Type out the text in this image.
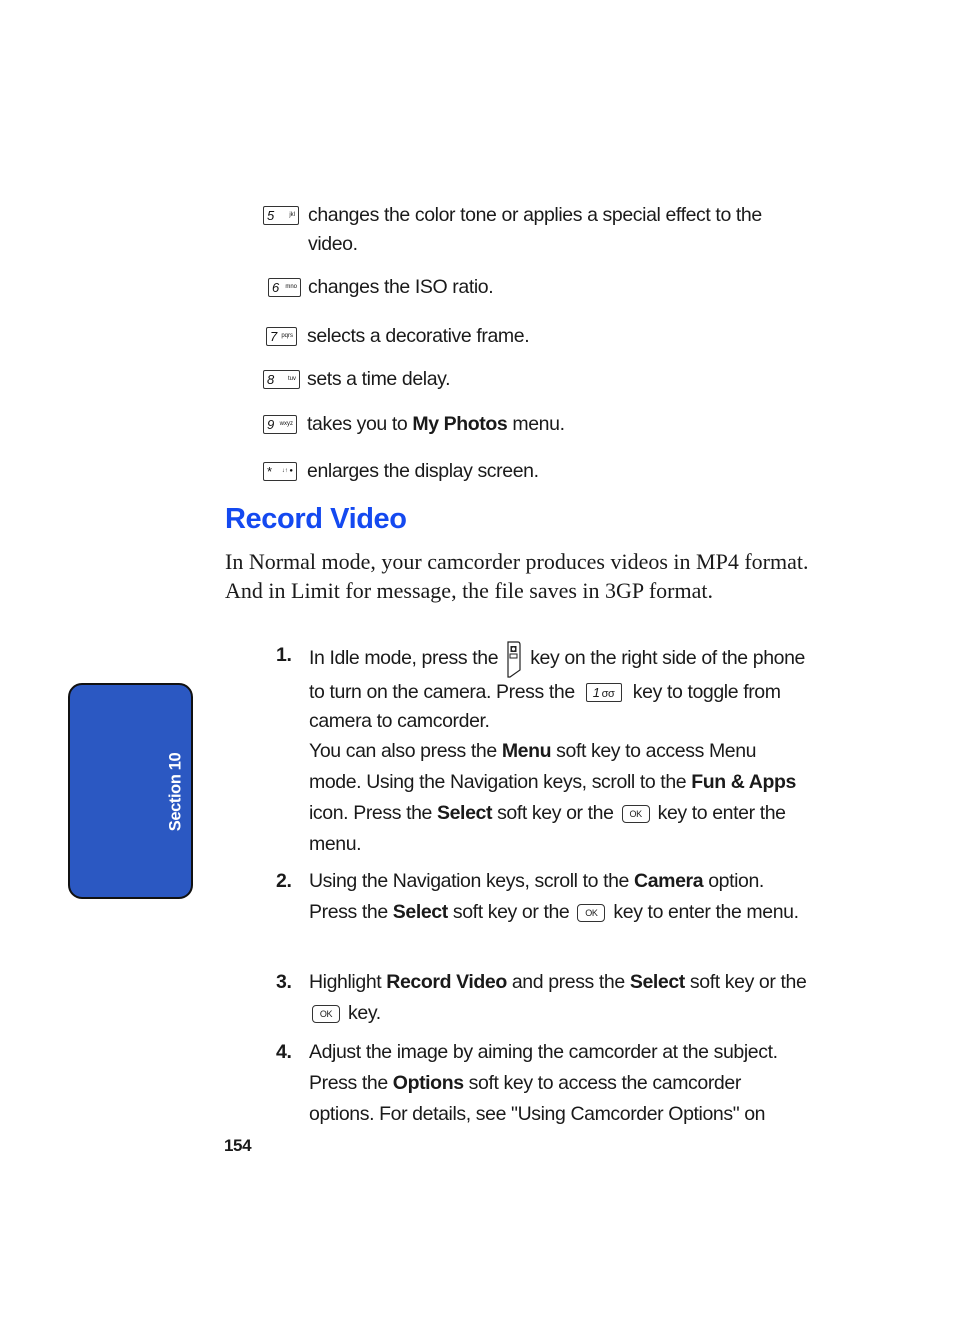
5	jkl changes the color tone or applies a special effect to the video.
6 mno changes the ISO ratio.
7 pqrs selects a decorative frame.
8 tuv sets a time delay.
9 wxyz takes you to My Photos menu.
* ↓↑ ● enlarges the display screen.
Record Video

In Normal mode, your camcorder produces videos in MP4 format. And in Limit for message, the file saves in 3GP format.

1. In Idle mode, press the  key on the right side of the phone to turn on the camera. Press the 1 σσ key to toggle from camera to camcorder.
You can also press the Menu soft key to access Menu mode. Using the Navigation keys, scroll to the Fun & Apps icon. Press the Select soft key or the OK key to enter the menu.
2. Using the Navigation keys, scroll to the Camera option. Press the Select soft key or the OK key to enter the menu.
3. Highlight Record Video and press the Select soft key or the OK key.
4. Adjust the image by aiming the camcorder at the subject. Press the Options soft key to access the camcorder options. For details, see "Using Camcorder Options" on
Section 10
154
